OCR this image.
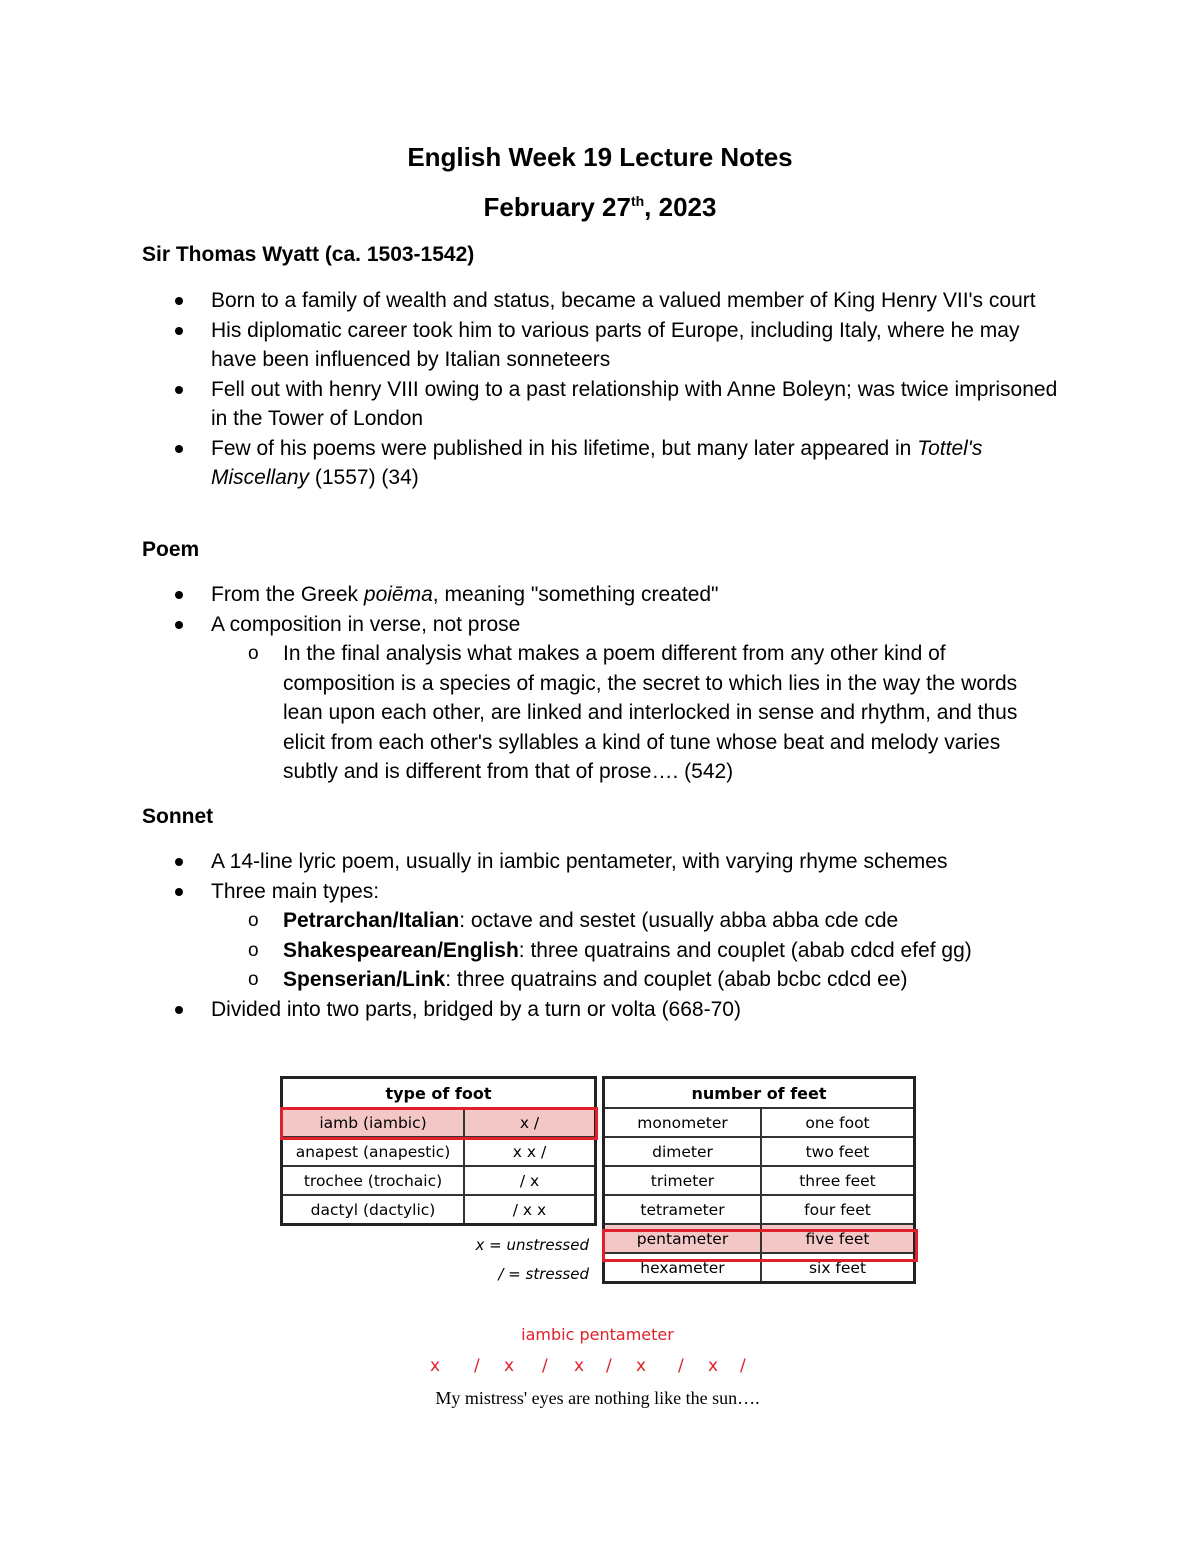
English Week 19 Lecture Notes
February 27th, 2023
Sir Thomas Wyatt (ca. 1503-1542)
Born to a family of wealth and status, became a valued member of King Henry VII's court
His diplomatic career took him to various parts of Europe, including Italy, where he may have been influenced by Italian sonneteers
Fell out with henry VIII owing to a past relationship with Anne Boleyn; was twice imprisoned in the Tower of London
Few of his poems were published in his lifetime, but many later appeared in Tottel's Miscellany (1557) (34)
Poem
From the Greek poiēma, meaning "something created"
A composition in verse, not prose
o In the final analysis what makes a poem different from any other kind of composition is a species of magic, the secret to which lies in the way the words lean upon each other, are linked and interlocked in sense and rhythm, and thus elicit from each other's syllables a kind of tune whose beat and melody varies subtly and is different from that of prose…. (542)
Sonnet
A 14-line lyric poem, usually in iambic pentameter, with varying rhyme schemes
Three main types:
o Petrarchan/Italian: octave and sestet (usually abba abba cde cde
o Shakespearean/English: three quatrains and couplet (abab cdcd efef gg)
o Spenserian/Link: three quatrains and couplet (abab bcbc cdcd ee)
Divided into two parts, bridged by a turn or volta (668-70)
type of foot	
iamb (iambic)	x /
anapest (anapestic)	x x /
trochee (trochaic)	/ x
dactyl (dactylic)	/ x x
x = unstressed
/ = stressed
number of feet	
monometer	one foot
dimeter	two feet
trimeter	three feet
tetrameter	four feet
pentameter	five feet
hexameter	six feet
iambic pentameter
x / x / x / x / x /

My mistress' eyes are nothing like the sun….
